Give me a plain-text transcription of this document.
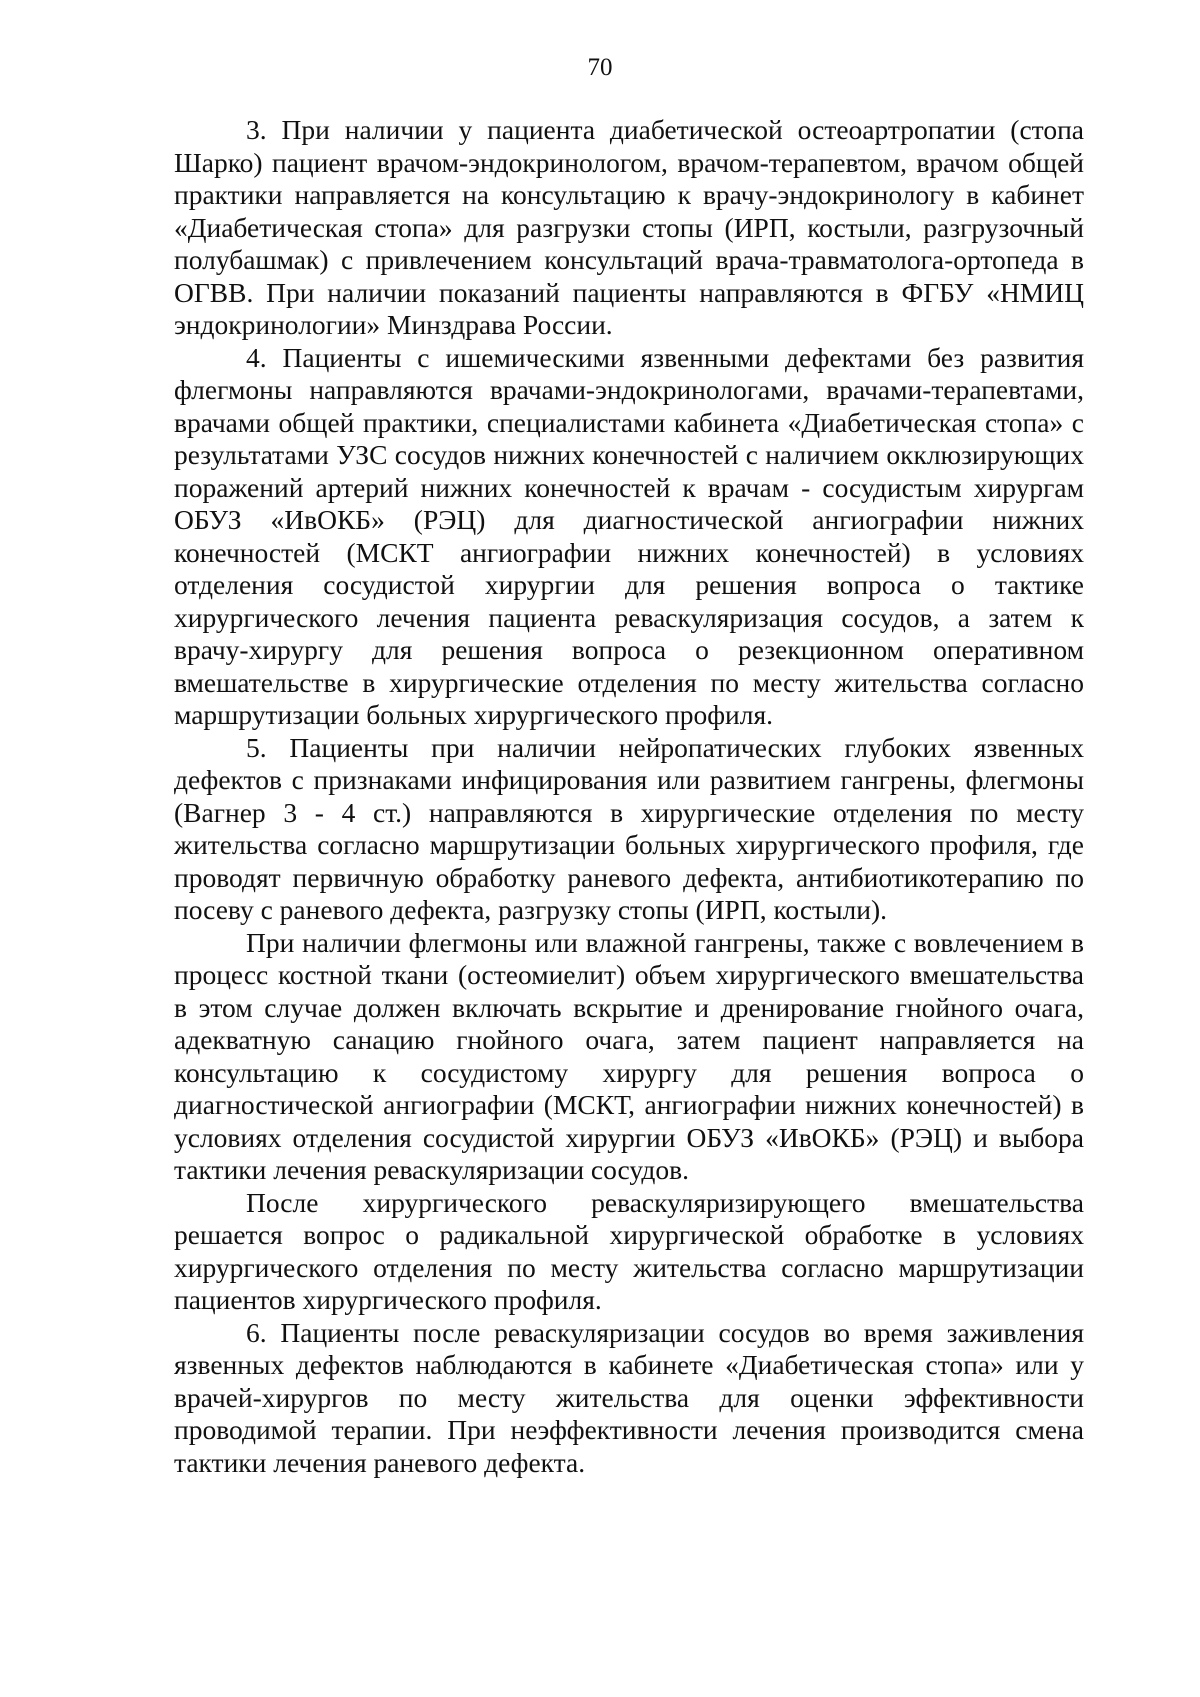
70

3. При наличии у пациента диабетической остеоартропатии (стопа Шарко) пациент врачом-эндокринологом, врачом-терапевтом, врачом общей практики направляется на консультацию к врачу-эндокринологу в кабинет «Диабетическая стопа» для разгрузки стопы (ИРП, костыли, разгрузочный полубашмак) с привлечением консультаций врача-травматолога-ортопеда в ОГВВ. При наличии показаний пациенты направляются в ФГБУ «НМИЦ эндокринологии» Минздрава России.

4. Пациенты с ишемическими язвенными дефектами без развития флегмоны направляются врачами-эндокринологами, врачами-терапевтами, врачами общей практики, специалистами кабинета «Диабетическая стопа» с результатами УЗС сосудов нижних конечностей с наличием окклюзирующих поражений артерий нижних конечностей к врачам - сосудистым хирургам ОБУЗ «ИвОКБ» (РЭЦ) для диагностической ангиографии нижних конечностей (МСКТ ангиографии нижних конечностей) в условиях отделения сосудистой хирургии для решения вопроса о тактике хирургического лечения пациента реваскуляризация сосудов, а затем к врачу-хирургу для решения вопроса о резекционном оперативном вмешательстве в хирургические отделения по месту жительства согласно маршрутизации больных хирургического профиля.

5. Пациенты при наличии нейропатических глубоких язвенных дефектов с признаками инфицирования или развитием гангрены, флегмоны (Вагнер 3 - 4 ст.) направляются в хирургические отделения по месту жительства согласно маршрутизации больных хирургического профиля, где проводят первичную обработку раневого дефекта, антибиотикотерапию по посеву с раневого дефекта, разгрузку стопы (ИРП, костыли).

При наличии флегмоны или влажной гангрены, также с вовлечением в процесс костной ткани (остеомиелит) объем хирургического вмешательства в этом случае должен включать вскрытие и дренирование гнойного очага, адекватную санацию гнойного очага, затем пациент направляется на консультацию к сосудистому хирургу для решения вопроса о диагностической ангиографии (МСКТ, ангиографии нижних конечностей) в условиях отделения сосудистой хирургии ОБУЗ «ИвОКБ» (РЭЦ) и выбора тактики лечения реваскуляризации сосудов.

После хирургического реваскуляризирующего вмешательства решается вопрос о радикальной хирургической обработке в условиях хирургического отделения по месту жительства согласно маршрутизации пациентов хирургического профиля.

6. Пациенты после реваскуляризации сосудов во время заживления язвенных дефектов наблюдаются в кабинете «Диабетическая стопа» или у врачей-хирургов по месту жительства для оценки эффективности проводимой терапии. При неэффективности лечения производится смена тактики лечения раневого дефекта.
